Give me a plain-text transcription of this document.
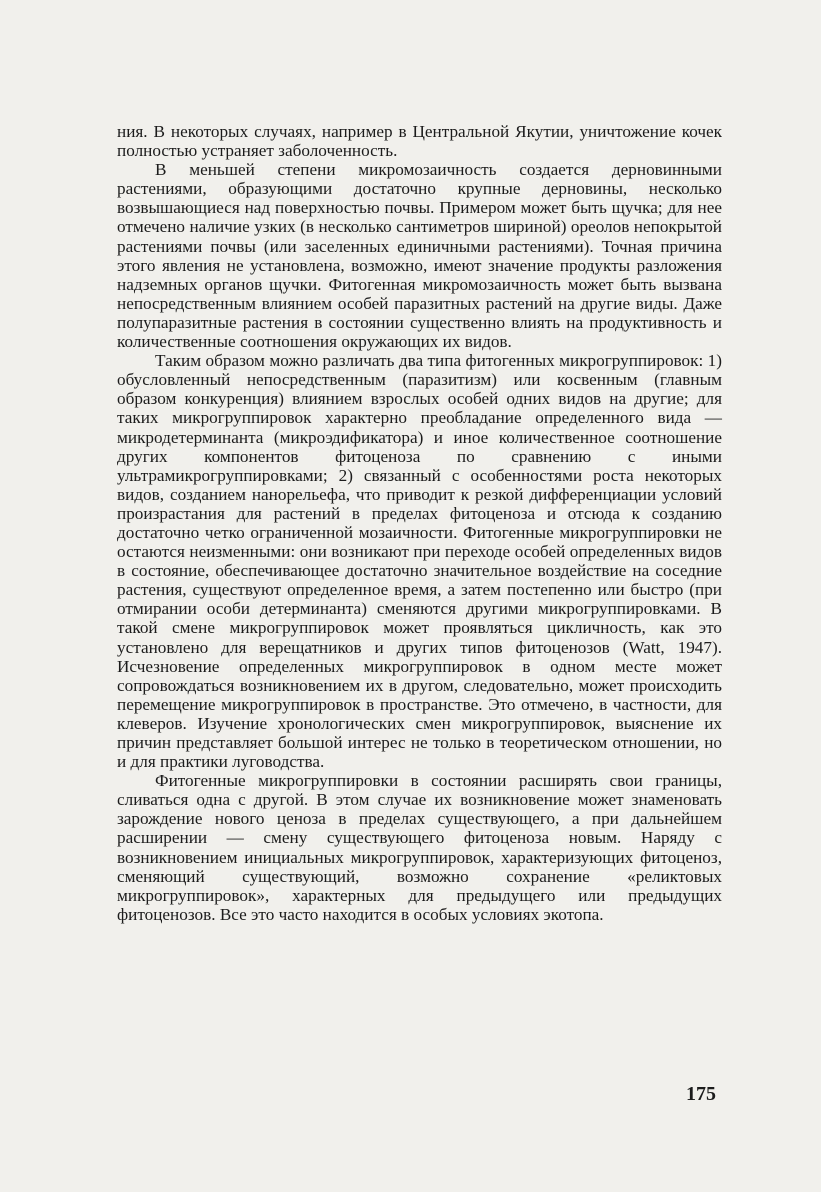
ния. В некоторых случаях, например в Центральной Якутии, уничтожение кочек полностью устраняет заболоченность.

В меньшей степени микромозаичность создается дерновинными растениями, образующими достаточно крупные дерновины, несколько возвышающиеся над поверхностью почвы. Примером может быть щучка; для нее отмечено наличие узких (в несколько сантиметров шириной) ореолов непокрытой растениями почвы (или заселенных единичными растениями). Точная причина этого явления не установлена, возможно, имеют значение продукты разложения надземных органов щучки. Фитогенная микромозаичность может быть вызвана непосредственным влиянием особей паразитных растений на другие виды. Даже полупаразитные растения в состоянии существенно влиять на продуктивность и количественные соотношения окружающих их видов.

Таким образом можно различать два типа фитогенных микрогруппировок: 1) обусловленный непосредственным (паразитизм) или косвенным (главным образом конкуренция) влиянием взрослых особей одних видов на другие; для таких микрогруппировок характерно преобладание определенного вида — микродетерминанта (микроэдификатора) и иное количественное соотношение других компонентов фитоценоза по сравнению с иными ультрамикрогруппировками; 2) связанный с особенностями роста некоторых видов, созданием нанорельефа, что приводит к резкой дифференциации условий произрастания для растений в пределах фитоценоза и отсюда к созданию достаточно четко ограниченной мозаичности. Фитогенные микрогруппировки не остаются неизменными: они возникают при переходе особей определенных видов в состояние, обеспечивающее достаточно значительное воздействие на соседние растения, существуют определенное время, а затем постепенно или быстро (при отмирании особи детерминанта) сменяются другими микрогруппировками. В такой смене микрогруппировок может проявляться цикличность, как это установлено для верещатников и других типов фитоценозов (Watt, 1947). Исчезновение определенных микрогруппировок в одном месте может сопровождаться возникновением их в другом, следовательно, может происходить перемещение микрогруппировок в пространстве. Это отмечено, в частности, для клеверов. Изучение хронологических смен микрогруппировок, выяснение их причин представляет большой интерес не только в теоретическом отношении, но и для практики луговодства.

Фитогенные микрогруппировки в состоянии расширять свои границы, сливаться одна с другой. В этом случае их возникновение может знаменовать зарождение нового ценоза в пределах существующего, а при дальнейшем расширении — смену существующего фитоценоза новым. Наряду с возникновением инициальных микрогруппировок, характеризующих фитоценоз, сменяющий существующий, возможно сохранение «реликтовых микрогруппировок», характерных для предыдущего или предыдущих фитоценозов. Все это часто находится в особых условиях экотопа.

175
